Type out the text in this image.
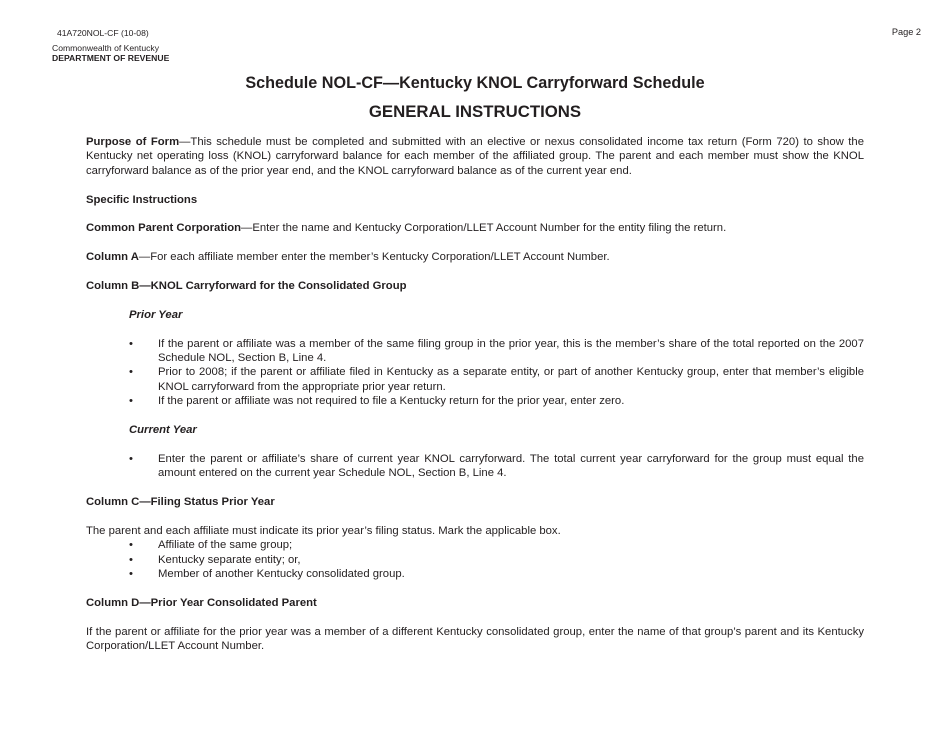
41A720NOL-CF (10-08)
Commonwealth of Kentucky
DEPARTMENT OF REVENUE
Page 2
Schedule NOL-CF—Kentucky KNOL Carryforward Schedule
GENERAL INSTRUCTIONS

Purpose of Form—This schedule must be completed and submitted with an elective or nexus consolidated income tax return (Form 720) to show the Kentucky net operating loss (KNOL) carryforward balance for each member of the affiliated group. The parent and each member must show the KNOL carryforward balance as of the prior year end, and the KNOL carryforward balance as of the current year end.

Specific Instructions

Common Parent Corporation—Enter the name and Kentucky Corporation/LLET Account Number for the entity filing the return.

Column A—For each affiliate member enter the member’s Kentucky Corporation/LLET Account Number.

Column B—KNOL Carryforward for the Consolidated Group

Prior Year

• If the parent or affiliate was a member of the same filing group in the prior year, this is the member’s share of the total reported on the 2007 Schedule NOL, Section B, Line 4.
• Prior to 2008; if the parent or affiliate filed in Kentucky as a separate entity, or part of another Kentucky group, enter that member’s eligible KNOL carryforward from the appropriate prior year return.
• If the parent or affiliate was not required to file a Kentucky return for the prior year, enter zero.

Current Year

• Enter the parent or affiliate’s share of current year KNOL carryforward. The total current year carryforward for the group must equal the amount entered on the current year Schedule NOL, Section B, Line 4.

Column C—Filing Status Prior Year

The parent and each affiliate must indicate its prior year’s filing status. Mark the applicable box.

• Affiliate of the same group;
• Kentucky separate entity; or,
• Member of another Kentucky consolidated group.

Column D—Prior Year Consolidated Parent

If the parent or affiliate for the prior year was a member of a different Kentucky consolidated group, enter the name of that group’s parent and its Kentucky Corporation/LLET Account Number.
